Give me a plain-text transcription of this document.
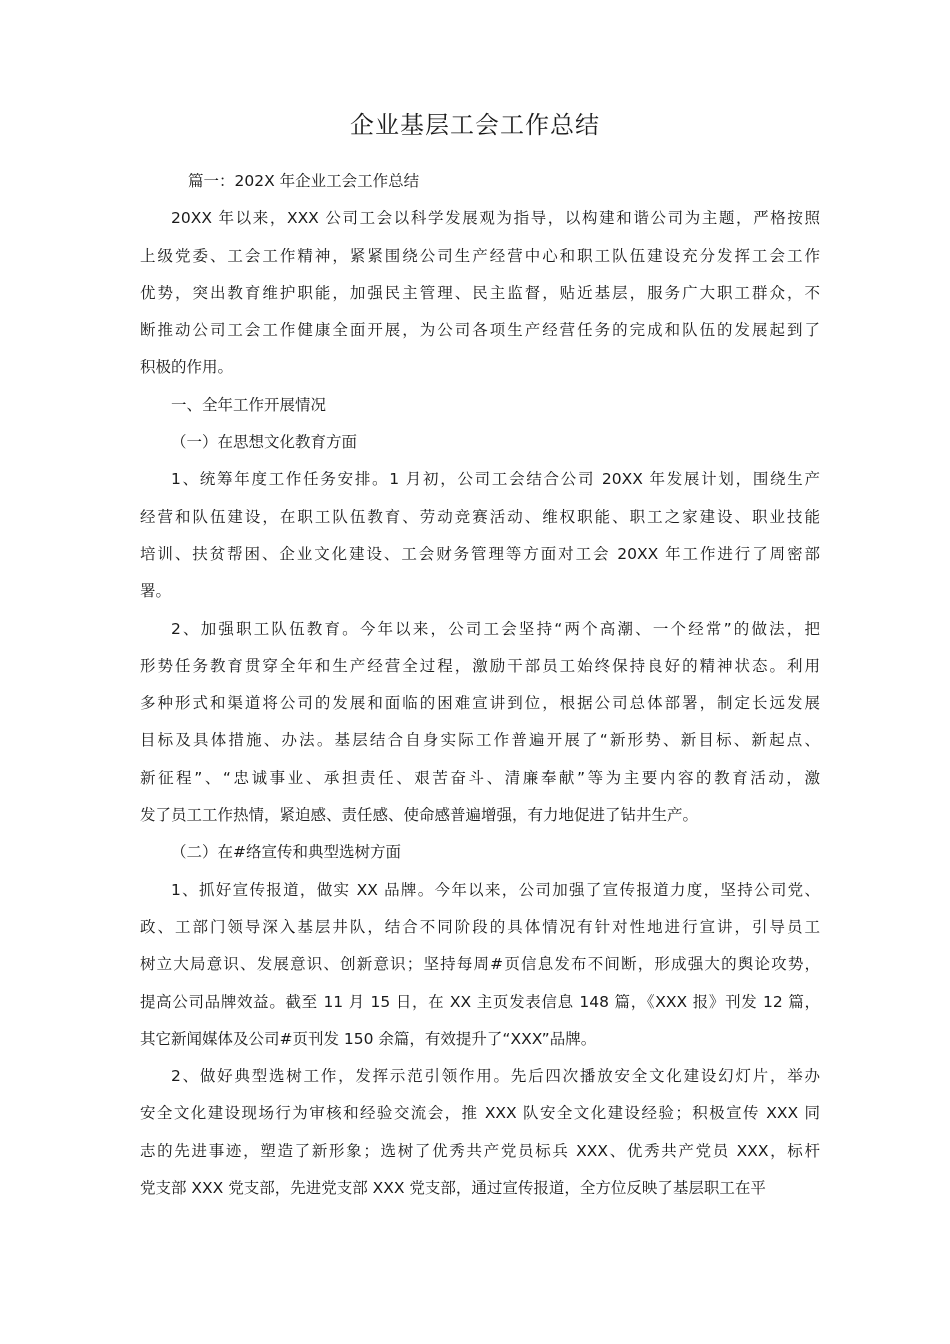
企业基层工会工作总结
篇一：202X 年企业工会工作总结
20XX 年以来，XXX 公司工会以科学发展观为指导，以构建和谐公司为主题，严格按照
上级党委、工会工作精神，紧紧围绕公司生产经营中心和职工队伍建设充分发挥工会工作
优势，突出教育维护职能，加强民主管理、民主监督，贴近基层，服务广大职工群众，不
断推动公司工会工作健康全面开展，为公司各项生产经营任务的完成和队伍的发展起到了
积极的作用。
一、全年工作开展情况
（一）在思想文化教育方面
1、统筹年度工作任务安排。1 月初，公司工会结合公司 20XX 年发展计划，围绕生产
经营和队伍建设，在职工队伍教育、劳动竞赛活动、维权职能、职工之家建设、职业技能
培训、扶贫帮困、企业文化建设、工会财务管理等方面对工会 20XX 年工作进行了周密部
署。
2、加强职工队伍教育。今年以来，公司工会坚持“两个高潮、一个经常”的做法，把
形势任务教育贯穿全年和生产经营全过程，激励干部员工始终保持良好的精神状态。利用
多种形式和渠道将公司的发展和面临的困难宣讲到位，根据公司总体部署，制定长远发展
目标及具体措施、办法。基层结合自身实际工作普遍开展了“新形势、新目标、新起点、
新征程”、“忠诚事业、承担责任、艰苦奋斗、清廉奉献”等为主要内容的教育活动，激
发了员工工作热情，紧迫感、责任感、使命感普遍增强，有力地促进了钻井生产。
（二）在#络宣传和典型选树方面
1、抓好宣传报道，做实 XX 品牌。今年以来，公司加强了宣传报道力度，坚持公司党、
政、工部门领导深入基层井队，结合不同阶段的具体情况有针对性地进行宣讲，引导员工
树立大局意识、发展意识、创新意识；坚持每周#页信息发布不间断，形成强大的舆论攻势，
提高公司品牌效益。截至 11 月 15 日，在 XX 主页发表信息 148 篇，《XXX 报》刊发 12 篇，
其它新闻媒体及公司#页刊发 150 余篇，有效提升了“XXX”品牌。
2、做好典型选树工作，发挥示范引领作用。先后四次播放安全文化建设幻灯片，举办
安全文化建设现场行为审核和经验交流会，推 XXX 队安全文化建设经验；积极宣传 XXX 同
志的先进事迹，塑造了新形象；选树了优秀共产党员标兵 XXX、优秀共产党员 XXX，标杆
党支部 XXX 党支部，先进党支部 XXX 党支部，通过宣传报道，全方位反映了基层职工在平
